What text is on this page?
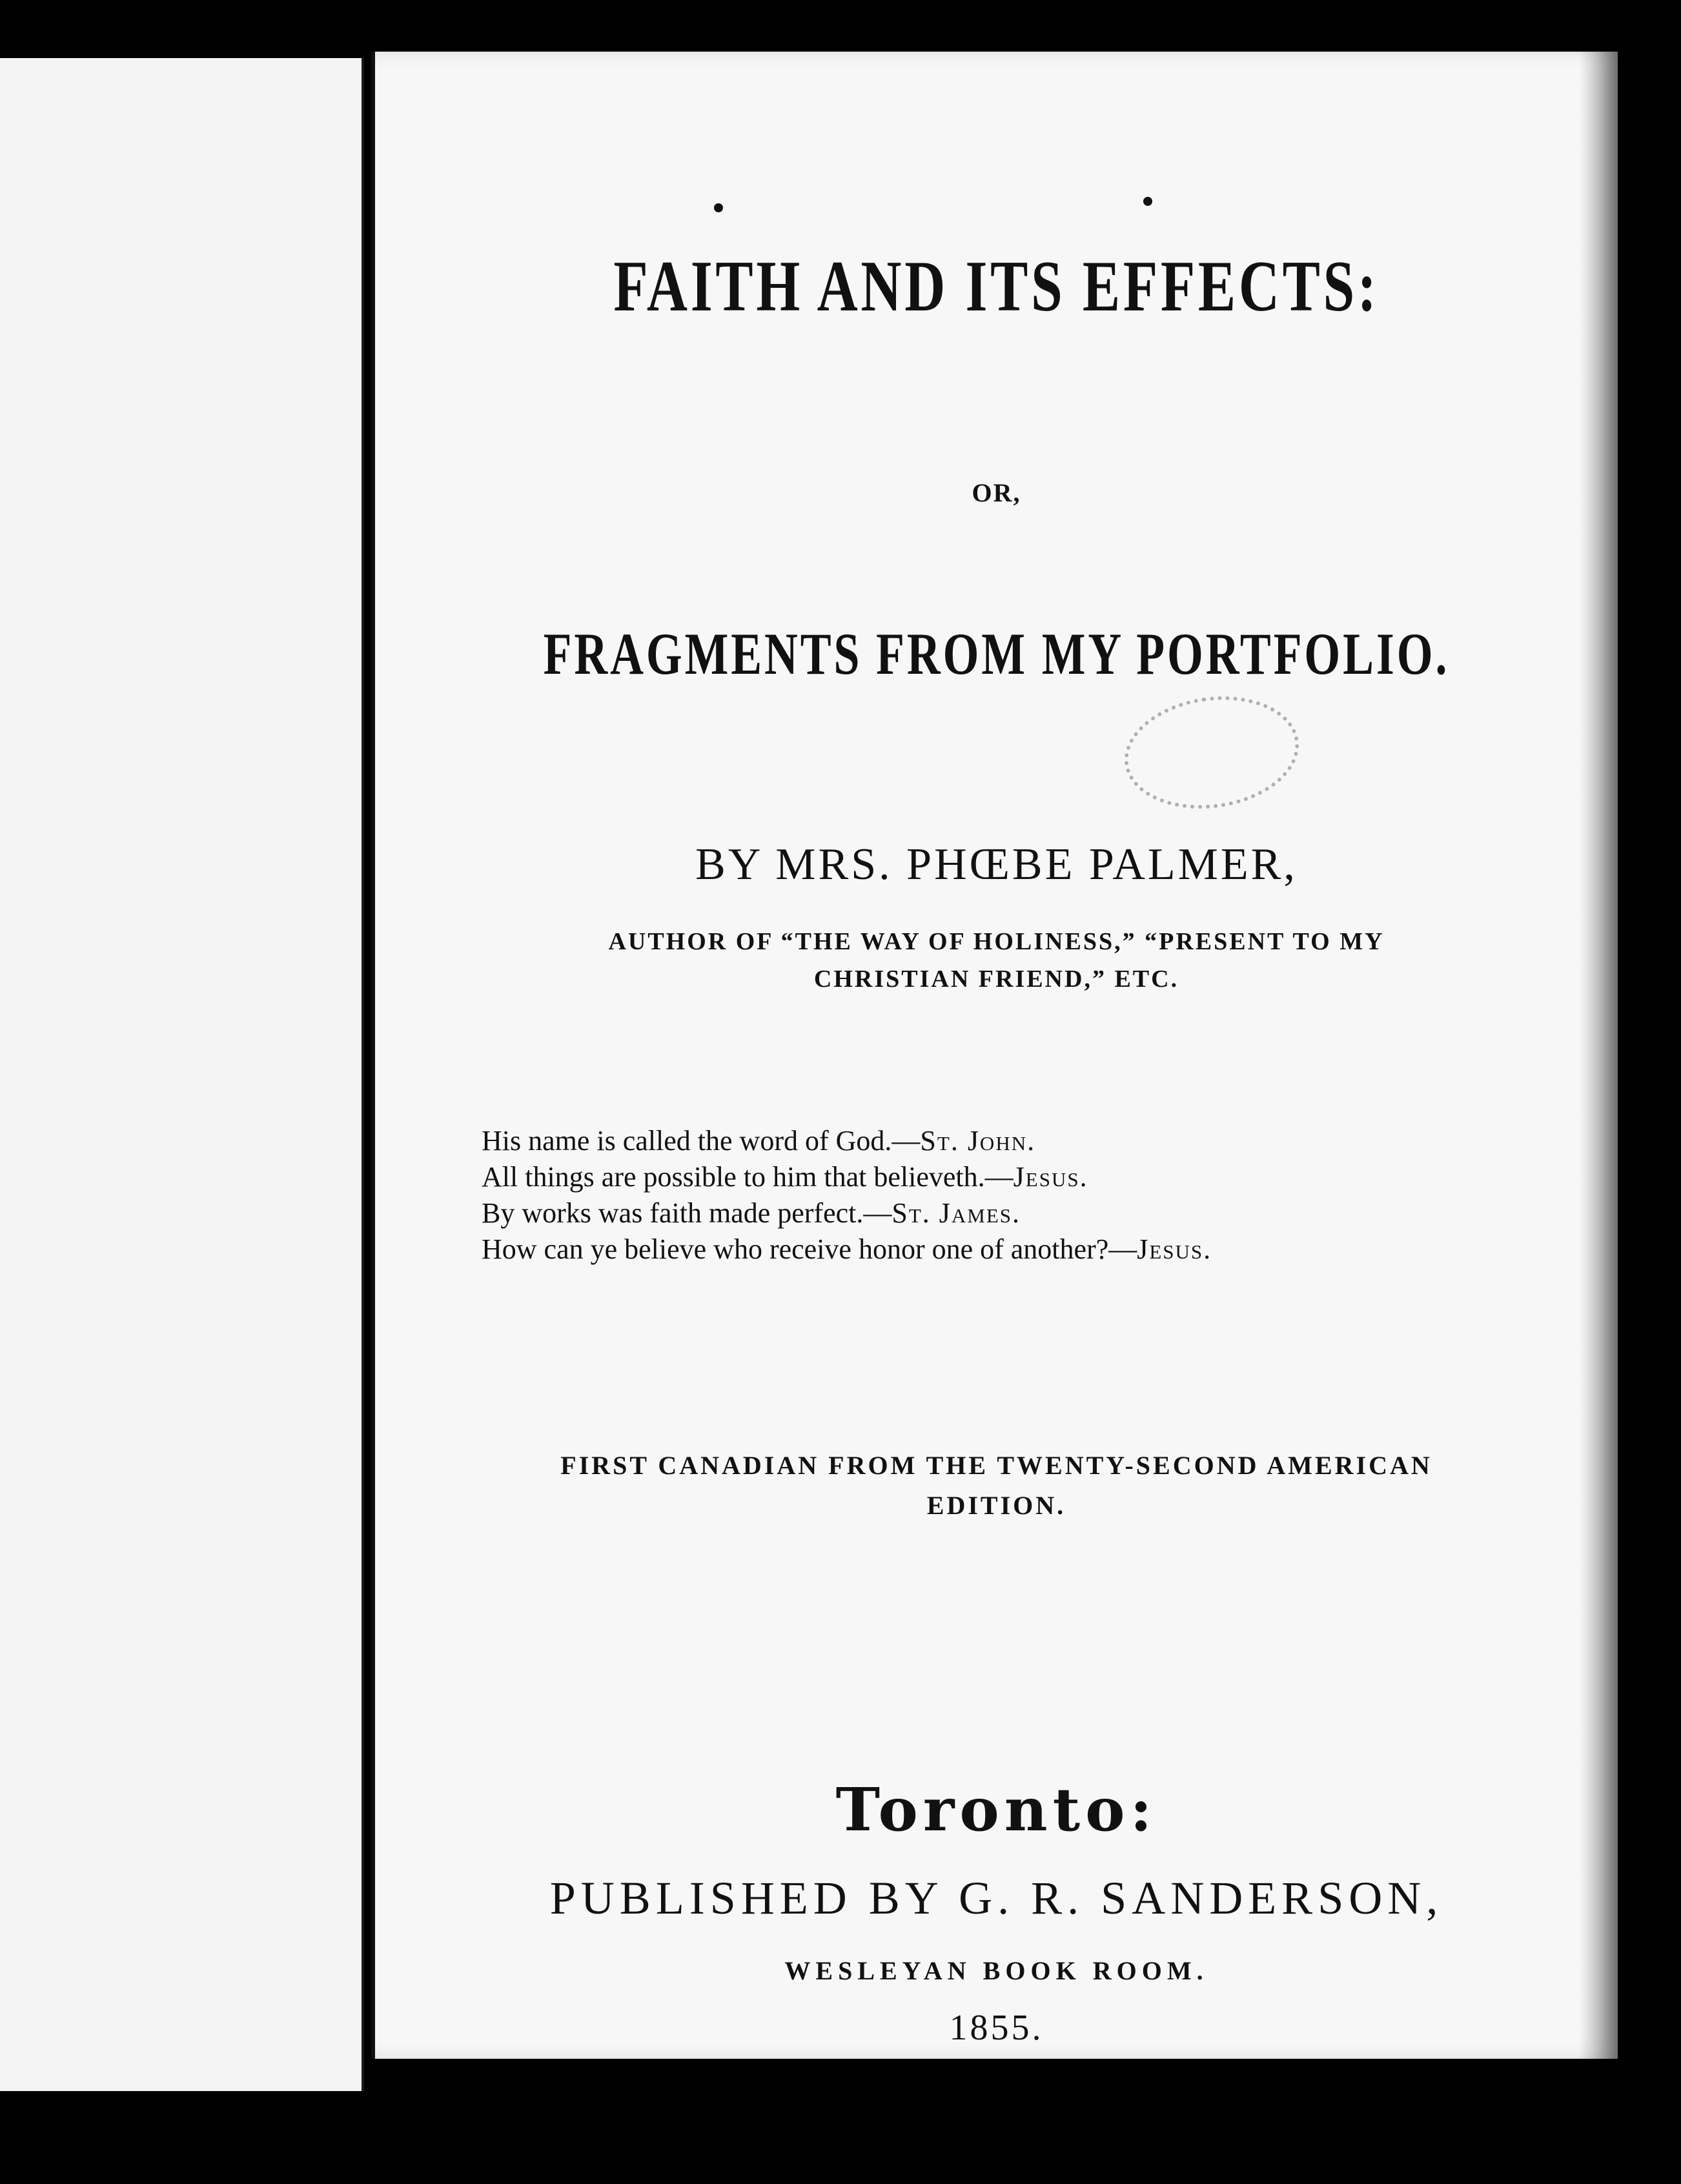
FAITH AND ITS EFFECTS:
OR,
FRAGMENTS FROM MY PORTFOLIO.
BY MRS. PHŒBE PALMER,
AUTHOR OF “THE WAY OF HOLINESS,” “PRESENT TO MY
CHRISTIAN FRIEND,” ETC.
His name is called the word of God.—St. John.
All things are possible to him that believeth.—Jesus.
By works was faith made perfect.—St. James.
How can ye believe who receive honor one of another?—Jesus.
FIRST CANADIAN FROM THE TWENTY-SECOND AMERICAN
EDITION.
Toronto:
PUBLISHED BY G. R. SANDERSON,
WESLEYAN BOOK ROOM.
1855.
